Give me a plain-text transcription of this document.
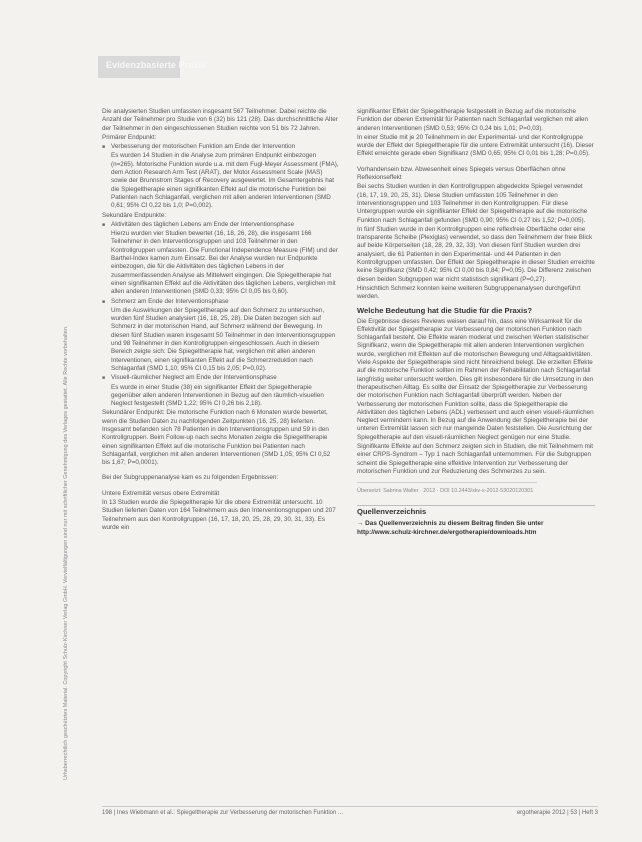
Evidenzbasierte Praxis
Urheberrechtlich geschütztes Material. Copyright Schulz-Kirchner Verlag GmbH. Vervielfältigungen sind nur mit schriftlicher Genehmigung des Verlages gestattet. Alle Rechte vorbehalten.
Die analysierten Studien umfassten insgesamt 567 Teilnehmer. Dabei reichte die Anzahl der Teilnehmer pro Studie von 6 (32) bis 121 (28). Das durchschnittliche Alter der Teilnehmer in den eingeschlossenen Studien reichte von 51 bis 72 Jahren.
Primärer Endpunkt:
■ Verbesserung der motorischen Funktion am Ende der Intervention
Es wurden 14 Studien in die Analyse zum primären Endpunkt einbezogen (n=265). Motorische Funktion wurde u.a. mit dem Fugl-Meyer Assessment (FMA), dem Action Research Arm Test (ARAT), der Motor Assessment Scale (MAS) sowie der Brunnstrom Stages of Recovery ausgewertet. Im Gesamtergebnis hat die Spiegeltherapie einen signifikanten Effekt auf die motorische Funktion bei Patienten nach Schlaganfall, verglichen mit allen anderen Interventionen (SMD 0,61; 95% CI 0,22 bis 1,0; P=0,002).
Sekundäre Endpunkte:
■ Aktivitäten des täglichen Lebens am Ende der Interventionsphase
Hierzu wurden vier Studien bewertet (16, 18, 26, 28), die insgesamt 166 Teilnehmer in den Interventionsgruppen und 103 Teilnehmer in den Kontrollgruppen umfassten. Die Functional Independence Measure (FIM) und der Barthel-Index kamen zum Einsatz. Bei der Analyse wurden nur Endpunkte einbezogen, die für die Aktivitäten des täglichen Lebens in der zusammenfassenden Analyse als Mittelwert eingingen. Die Spiegeltherapie hat einen signifikanten Effekt auf die Aktivitäten des täglichen Lebens, verglichen mit allen anderen Interventionen (SMD 0,33; 95% CI 0,05 bis 0,60).
■ Schmerz am Ende der Interventionsphase
Um die Auswirkungen der Spiegeltherapie auf den Schmerz zu untersuchen, wurden fünf Studien analysiert (16, 18, 25, 28). Die Daten bezogen sich auf Schmerz in der motorischen Hand, auf Schmerz während der Bewegung. In diesen fünf Studien waren insgesamt 50 Teilnehmer in den Interventionsgruppen und 98 Teilnehmer in den Kontrollgruppen eingeschlossen. Auch in diesem Bereich zeigte sich: Die Spiegeltherapie hat, verglichen mit allen anderen Interventionen, einen signifikanten Effekt auf die Schmerzreduktion nach Schlaganfall (SMD 1,10; 95% CI 0,15 bis 2,05; P=0,02).
■ Visuell-räumlicher Neglect am Ende der Interventionsphase
Es wurde in einer Studie (38) ein signifikanter Effekt der Spiegeltherapie gegenüber allen anderen Interventionen in Bezug auf den räumlich-visuellen Neglect festgestellt (SMD 1,22; 95% CI 0,26 bis 2,18).
Sekundärer Endpunkt: Die motorische Funktion nach 6 Monaten wurde bewertet, wenn die Studien Daten zu nachfolgenden Zeitpunkten (16, 25, 28) lieferten. Insgesamt befanden sich 78 Patienten in den Interventionsgruppen und 59 in den Kontrollgruppen. Beim Follow-up nach sechs Monaten zeigte die Spiegeltherapie einen signifikanten Effekt auf die motorische Funktion bei Patienten nach Schlaganfall, verglichen mit allen anderen Interventionen (SMD 1,05; 95% CI 0,52 bis 1,67; P=0,0001).
Bei der Subgruppenanalyse kam es zu folgenden Ergebnissen:
Untere Extremität versus obere Extremität
In 13 Studien wurde die Spiegeltherapie für die obere Extremität untersucht. 10 Studien lieferten Daten von 164 Teilnehmern aus den Interventionsgruppen und 207 Teilnehmern aus den Kontrollgruppen (16, 17, 18, 20, 25, 28, 29, 30, 31, 33). Es wurde ein
signifikanter Effekt der Spiegeltherapie festgestellt in Bezug auf die motorische Funktion der oberen Extremität für Patienten nach Schlaganfall verglichen mit allen anderen Interventionen (SMD 0,53; 95% CI 0,24 bis 1,01; P=0,03).
In einer Studie mit je 20 Teilnehmern in der Experimental- und der Kontrollgruppe wurde der Effekt der Spiegeltherapie für die untere Extremität untersucht (16). Dieser Effekt erreichte gerade eben Signifikanz (SMD 0,65; 95% CI 0,01 bis 1,28; P=0,05).
Vorhandensein bzw. Abwesenheit eines Spiegels versus Oberflächen ohne Reflexionseffekt
Bei sechs Studien wurden in den Kontrollgruppen abgedeckte Spiegel verwendet (16, 17, 19, 20, 25, 31). Diese Studien umfassten 105 Teilnehmer in den Interventionsgruppen und 103 Teilnehmer in den Kontrollgruppen. Für diese Untergruppen wurde ein signifikanter Effekt der Spiegeltherapie auf die motorische Funktion nach Schlaganfall gefunden (SMD 0,90; 95% CI 0,27 bis 1,52; P=0,005).
In fünf Studien wurde in den Kontrollgruppen eine reflexfreie Oberfläche oder eine transparente Scheibe (Plexiglas) verwendet, so dass den Teilnehmern der freie Blick auf beide Körperseiten (18, 28, 29, 32, 33). Von diesen fünf Studien wurden drei analysiert, die 61 Patienten in den Experimental- und 44 Patienten in den Kontrollgruppen umfassten. Der Effekt der Spiegeltherapie in dieser Studien erreichte keine Signifikanz (SMD 0,42; 95% CI 0,00 bis 0,84; P=0,05). Die Differenz zwischen diesen beiden Subgruppen war nicht statistisch signifikant (P=0,27).
Hinsichtlich Schmerz konnten keine weiteren Subgruppenanalysen durchgeführt werden.
Welche Bedeutung hat die Studie für die Praxis?
Die Ergebnisse dieses Reviews weisen darauf hin, dass eine Wirksamkeit für die Effektivität der Spiegeltherapie zur Verbesserung der motorischen Funktion nach Schlaganfall besteht. Die Effekte waren moderat und zwischen Werten statistischer Signifikanz, wenn die Spiegeltherapie mit allen anderen Interventionen verglichen wurde, verglichen mit Effekten auf die motorischen Bewegung und Alltagsaktivitäten. Viele Aspekte der Spiegeltherapie sind nicht hinreichend belegt. Die erzielten Effekte auf die motorische Funktion sollten im Rahmen der Rehabilitation nach Schlaganfall langfristig weiter untersucht werden. Dies gilt insbesondere für die Umsetzung in den therapeutischen Alltag. Es sollte der Einsatz der Spiegeltherapie zur Verbesserung der motorischen Funktion nach Schlaganfall überprüft werden. Neben der Verbesserung der motorischen Funktion sollte, dass die Spiegeltherapie die Aktivitäten des täglichen Lebens (ADL) verbessert und auch einen visuell-räumlichen Neglect vermindern kann. In Bezug auf die Anwendung der Spiegeltherapie bei der unteren Extremität lassen sich nur mangelnde Daten feststellen. Die Ausrichtung der Spiegeltherapie auf den visuell-räumlichen Neglect genügen nur eine Studie.
Signifikante Effekte auf den Schmerz zeigten sich in Studien, die mit Teilnehmern mit einer CRPS-Syndrom – Typ 1 nach Schlaganfall unternommen. Für die Subgruppen scheint die Spiegeltherapie eine effektive Intervention zur Verbesserung der motorischen Funktion und zur Reduzierung des Schmerzes zu sein.
Übersetzt: Sabrina Walter · 2012 · DOI 10.2443/skv-s-2012-53020120301
Quellenverzeichnis
→ Das Quellenverzeichnis zu diesem Beitrag finden Sie unter
http://www.schulz-kirchner.de/ergotherapie/downloads.htm
198 | Ines Wiebmann et al.: Spiegeltherapie zur Verbesserung der motorischen Funktion ...	ergotherapie 2012 | 53 | Heft 3
